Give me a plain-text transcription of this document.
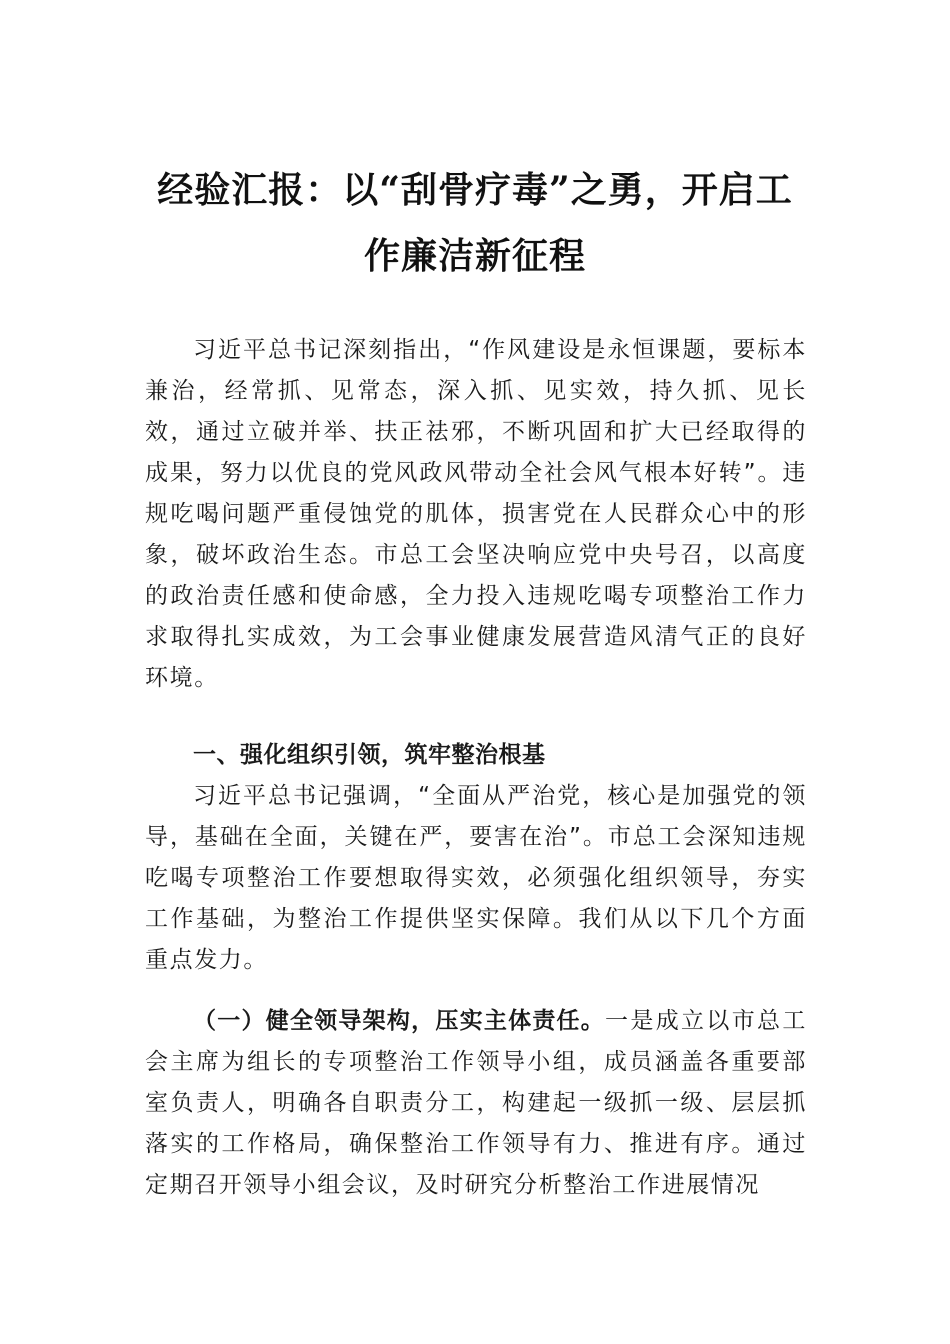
经验汇报：以“刮骨疗毒”之勇，开启工
作廉洁新征程

习近平总书记深刻指出，“作风建设是永恒课题，要标本兼治，经常抓、见常态，深入抓、见实效，持久抓、见长效，通过立破并举、扶正祛邪，不断巩固和扩大已经取得的成果，努力以优良的党风政风带动全社会风气根本好转”。违规吃喝问题严重侵蚀党的肌体，损害党在人民群众心中的形象，破坏政治生态。市总工会坚决响应党中央号召，以高度的政治责任感和使命感，全力投入违规吃喝专项整治工作力求取得扎实成效，为工会事业健康发展营造风清气正的良好环境。

一、强化组织引领，筑牢整治根基

习近平总书记强调，“全面从严治党，核心是加强党的领导，基础在全面，关键在严，要害在治”。市总工会深知违规吃喝专项整治工作要想取得实效，必须强化组织领导，夯实工作基础，为整治工作提供坚实保障。我们从以下几个方面重点发力。

（一）健全领导架构，压实主体责任。一是成立以市总工会主席为组长的专项整治工作领导小组，成员涵盖各重要部室负责人，明确各自职责分工，构建起一级抓一级、层层抓落实的工作格局，确保整治工作领导有力、推进有序。通过定期召开领导小组会议，及时研究分析整治工作进展情况
